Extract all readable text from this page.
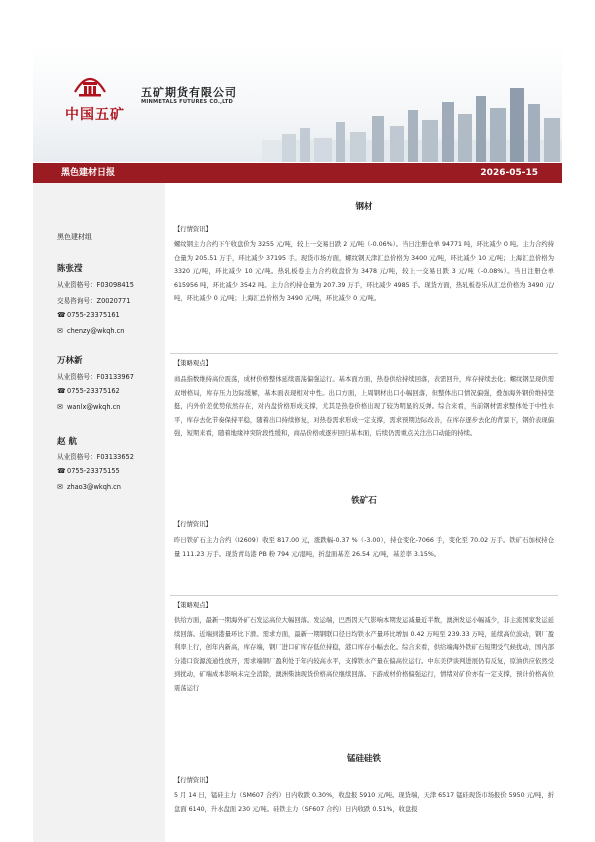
中国五矿
五矿期货有限公司
MINMETALS FUTURES CO.,LTD
黑色建材日报	2026-05-15
黑色建材组
陈张滢
从业资格号：F03098415
交易咨询号：Z0020771
☎0755-23375161
✉ chenzy@wkqh.cn
万林新
从业资格号：F03133967
☎0755-23375162
✉ wanlx@wkqh.cn
赵 航
从业资格号：F03133652
☎0755-23375155
✉ zhao3@wkqh.cn
钢材
【行情资讯】

螺纹钢主力合约下午收盘价为 3255 元/吨，较上一交易日跌 2 元/吨（-0.06%）。当日注册仓单 94771 吨，环比减少 0 吨。主力合约持仓量为 205.51 万手，环比减少 37195 手。现货市场方面，螺纹钢天津汇总价格为 3400 元/吨，环比减少 10 元/吨；上海汇总价格为 3320 元/吨，环比减少 10 元/吨。热轧板卷主力合约收盘价为 3478 元/吨，较上一交易日跌 3 元/吨（-0.08%）。当日注册仓单 615956 吨，环比减少 3542 吨。主力合约持仓量为 207.39 万手，环比减少 4985 手。现货方面，热轧板卷乐从汇总价格为 3490 元/吨，环比减少 0 元/吨；上海汇总价格为 3490 元/吨，环比减少 0 元/吨。

【策略观点】

商品指数维持高位震荡，成材价格整体延续震荡偏强运行。基本面方面，热卷供给持续回落，表需回升，库存持续去化；螺纹钢呈现供需双增格局，库存压力边际缓解，基本面表现相对中性。出口方面，上周钢材出口小幅回落，但整体出口情况偏强，叠加海外钢价维持坚挺，内外价差优势依然存在，对内盘价格形成支撑，尤其是热卷价格出现了较为明显的反弹。综合来看，当前钢材需求整体处于中性水平，库存去化节奏保持平稳，随着出口持续修复，对热卷需求形成一定支撑，需求预期边际改善，在库存逐步去化的背景下，钢价表现偏强，短期来看，随着地缘冲突阶段性缓和，商品价格或逐步回归基本面，后续仍需重点关注出口动能的持续。

铁矿石
【行情资讯】

昨日铁矿石主力合约（I2609）收至 817.00 元，涨跌幅-0.37 %（-3.00），持仓变化-7066 手，变化至 70.02 万手。铁矿石加权持仓量 111.23 万手。现货青岛港 PB 粉 794 元/湿吨，折盘面基差 26.54 元/吨，基差率 3.15%。

【策略观点】

供给方面，最新一期海外矿石发运高位大幅回落。发运端，巴西因天气影响本期发运减量近半数，澳洲发运小幅减少，非主流国家发运延续回落。近端到港量环比下滑。需求方面，最新一期钢联口径日均铁水产量环比增加 0.42 万吨至 239.33 万吨，延续高位波动，钢厂盈利率上行，创年内新高，库存端，钢厂进口矿库存低位持稳，港口库存小幅去化。综合来看，供给端海外铁矿石短期受气候扰动，国内部分港口资源流通性放开，需求端钢厂盈利处于年内较高水平，支撑铁水产量在偏高位运行。中东美伊谈判进展仍有反复，原油供应依然受到扰动，矿端成本影响未完全消除，澳洲柴油现货价格高位继续回落。下游成材价格偏强运行，情绪对矿价亦有一定支撑，预计价格高位震荡运行

锰硅硅铁
【行情资讯】

5 月 14 日，锰硅主力（SM607 合约）日内收跌 0.30%，收盘报 5910 元/吨。现货端，天津 6517 锰硅现货市场报价 5950 元/吨，折盘面 6140，升水盘面 230 元/吨。硅铁主力（SF607 合约）日内收跌 0.51%，收盘报
